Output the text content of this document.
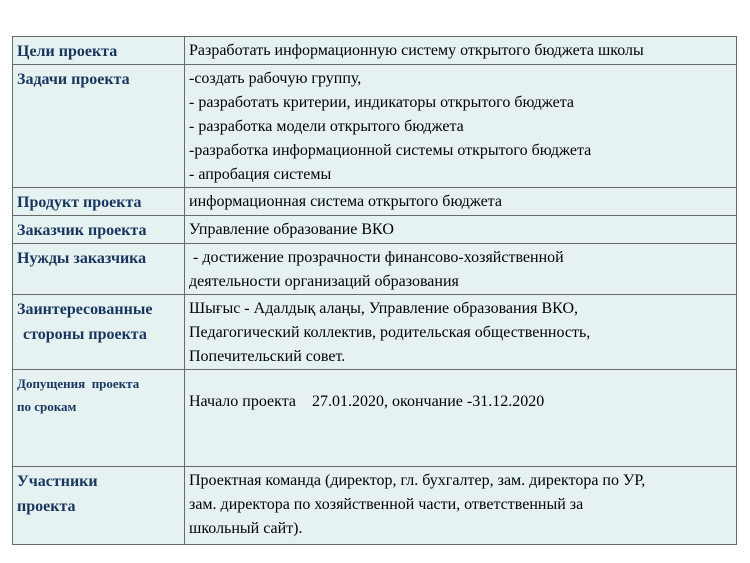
Цели проекта	Разработать информационную систему открытого бюджета школы

Задачи проекта	-создать рабочую группу,
- разработать критерии, индикаторы открытого бюджета
- разработка модели открытого бюджета
-разработка информационной системы открытого бюджета
- апробация системы

Продукт проекта	информационная система открытого бюджета

Заказчик проекта	Управление образование ВКО

Нужды заказчика	- достижение прозрачности финансово-хозяйственной
деятельности организаций образования

Заинтересованные
стороны проекта	Шығыс - Адалдық алаңы, Управление образования ВКО,
Педагогический коллектив, родительская общественность,
Попечительский совет.

Допущения  проекта
по срокам	Начало проекта    27.01.2020, окончание -31.12.2020

Участники
проекта	Проектная команда (директор, гл. бухгалтер, зам. директора по УР,
зам. директора по хозяйственной части, ответственный за
школьный сайт).
